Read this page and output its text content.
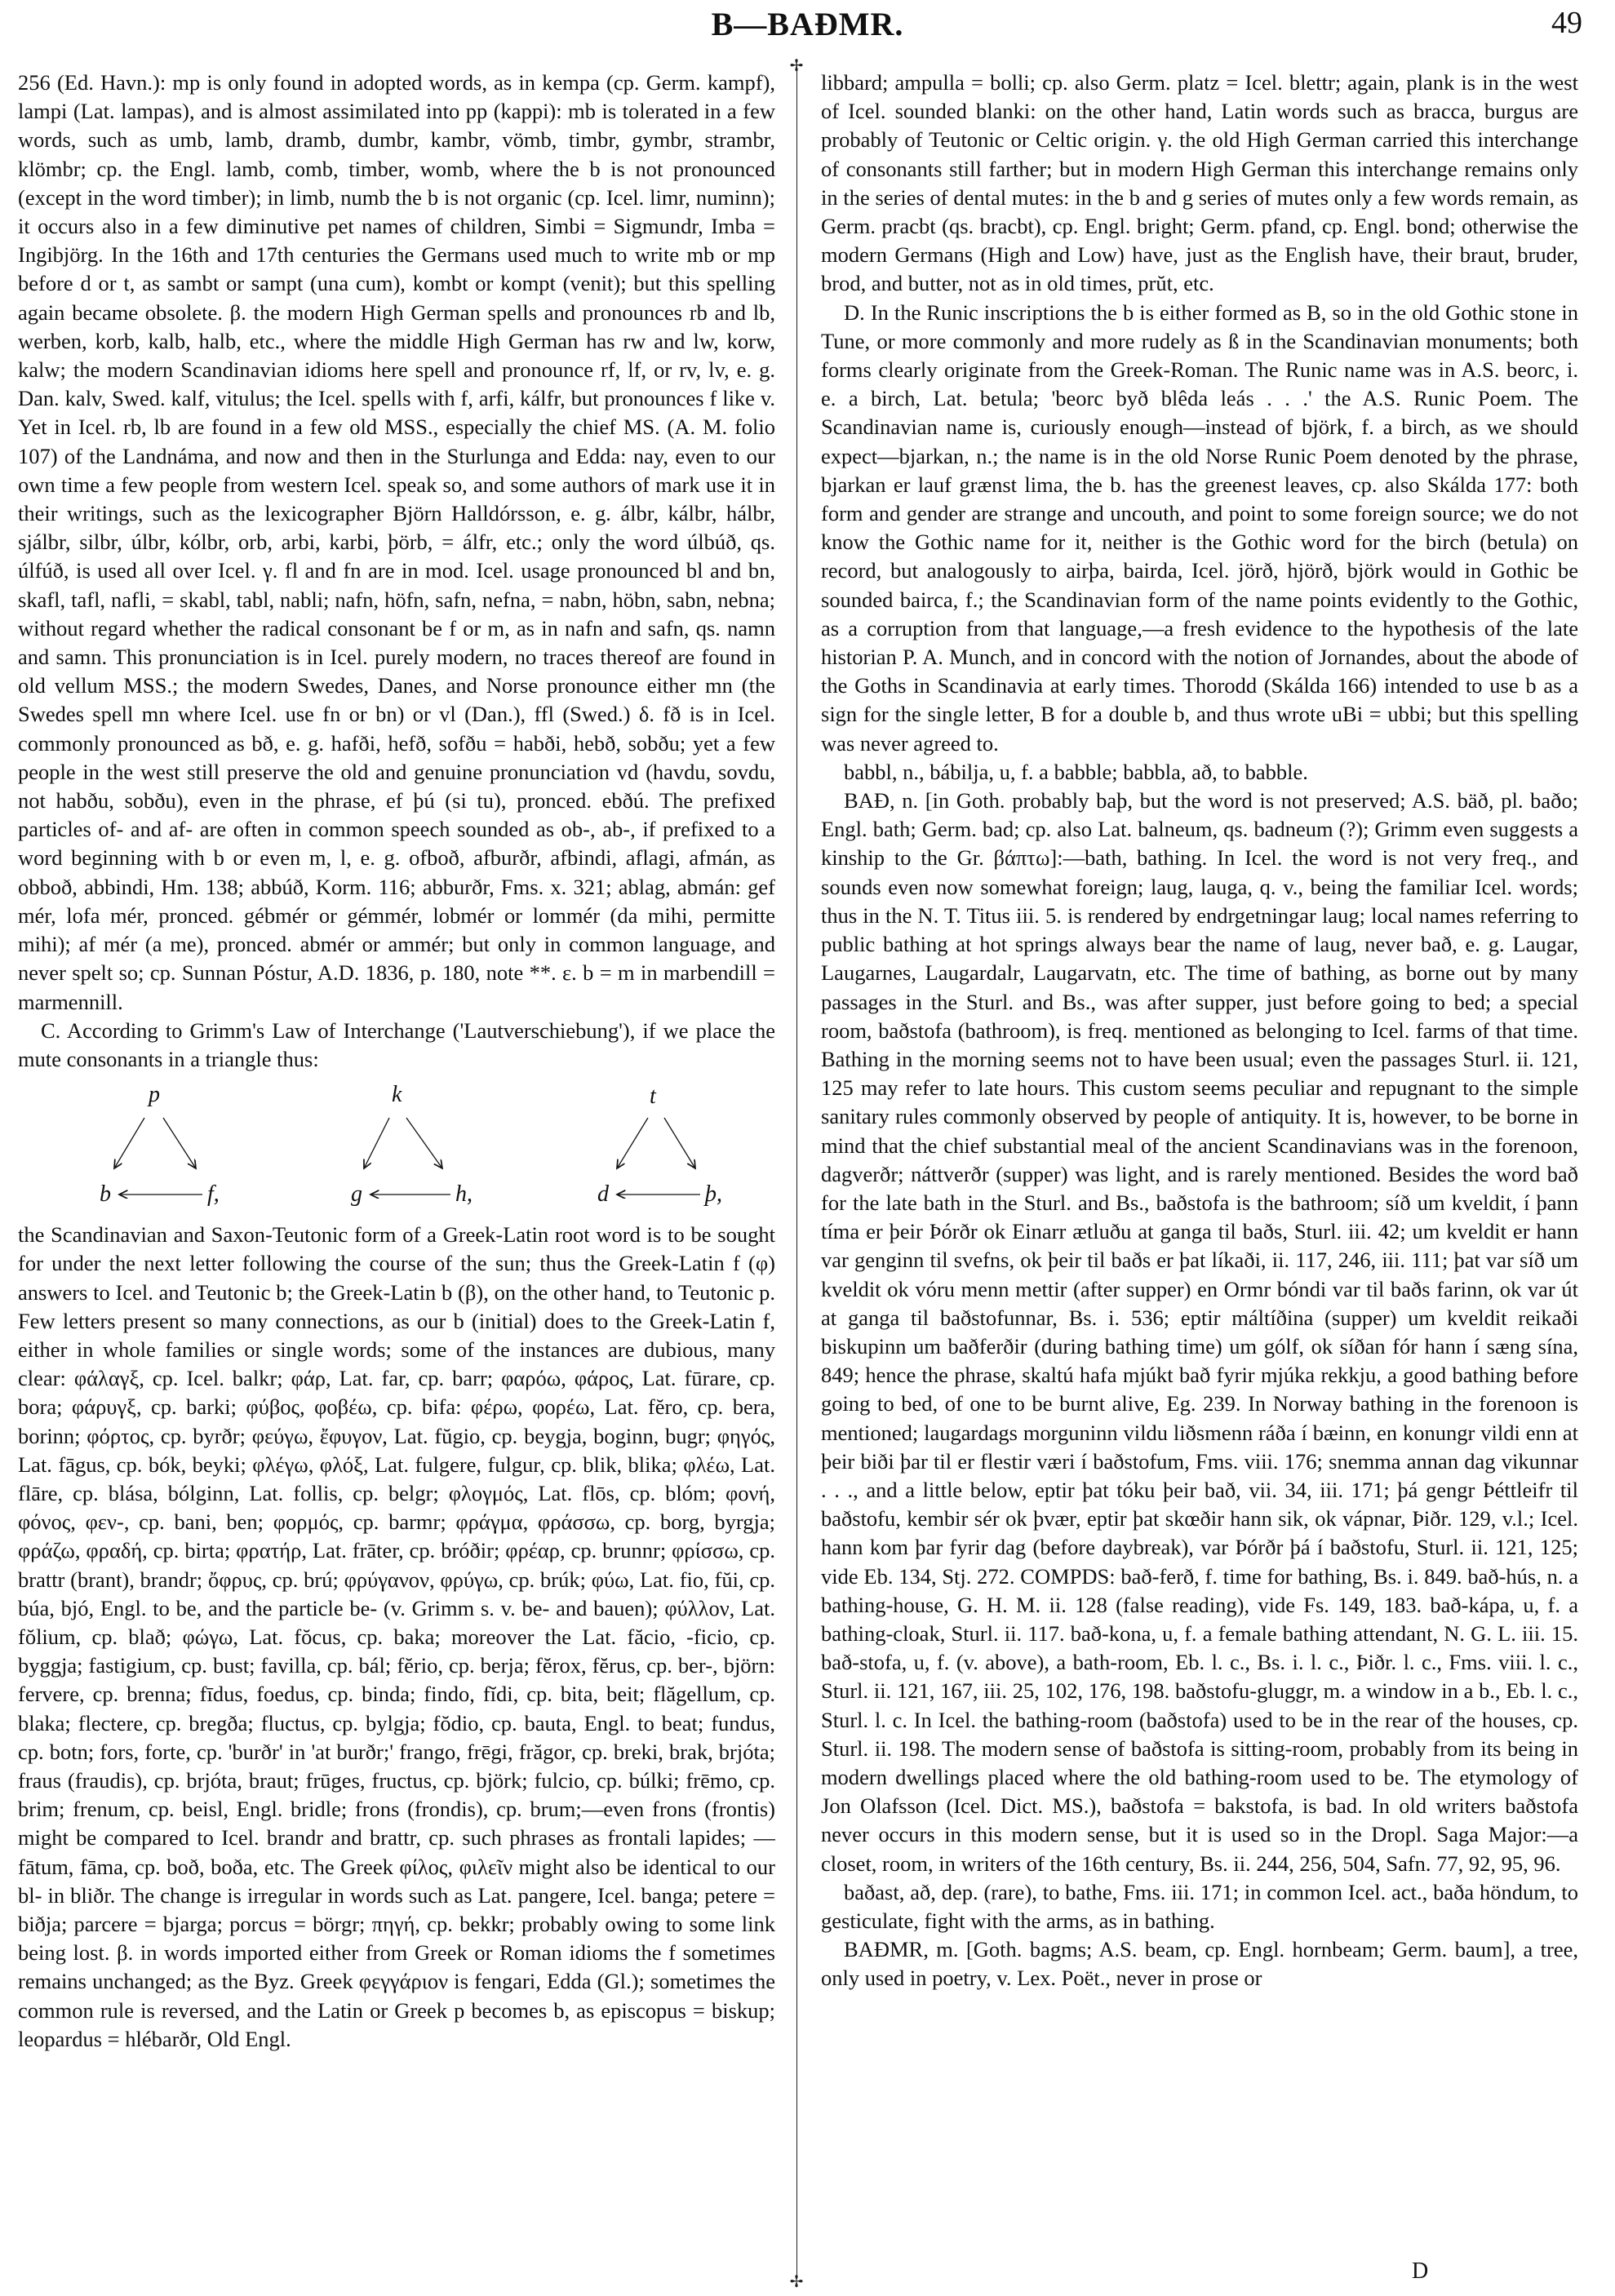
B—BAÐMR.	49
✢
✢

256 (Ed. Havn.): mp is only found in adopted words, as in kempa (cp. Germ. kampf), lampi (Lat. lampas), and is almost assimilated into pp (kappi): mb is tolerated in a few words, such as umb, lamb, dramb, dumbr, kambr, vömb, timbr, gymbr, strambr, klömbr; cp. the Engl. lamb, comb, timber, womb, where the b is not pronounced (except in the word timber); in limb, numb the b is not organic (cp. Icel. limr, numinn); it occurs also in a few diminutive pet names of children, Simbi = Sigmundr, Imba = Ingibjörg. In the 16th and 17th centuries the Germans used much to write mb or mp before d or t, as sambt or sampt (una cum), kombt or kompt (venit); but this spelling again became obsolete. β. the modern High German spells and pronounces rb and lb, werben, korb, kalb, halb, etc., where the middle High German has rw and lw, korw, kalw; the modern Scandinavian idioms here spell and pronounce rf, lf, or rv, lv, e. g. Dan. kalv, Swed. kalf, vitulus; the Icel. spells with f, arfi, kálfr, but pronounces f like v. Yet in Icel. rb, lb are found in a few old MSS., especially the chief MS. (A. M. folio 107) of the Landnáma, and now and then in the Sturlunga and Edda: nay, even to our own time a few people from western Icel. speak so, and some authors of mark use it in their writings, such as the lexicographer Björn Halldórsson, e. g. álbr, kálbr, hálbr, sjálbr, silbr, úlbr, kólbr, orb, arbi, karbi, þörb, = álfr, etc.; only the word úlbúð, qs. úlfúð, is used all over Icel. γ. fl and fn are in mod. Icel. usage pronounced bl and bn, skafl, tafl, nafli, = skabl, tabl, nabli; nafn, höfn, safn, nefna, = nabn, höbn, sabn, nebna; without regard whether the radical consonant be f or m, as in nafn and safn, qs. namn and samn. This pronunciation is in Icel. purely modern, no traces thereof are found in old vellum MSS.; the modern Swedes, Danes, and Norse pronounce either mn (the Swedes spell mn where Icel. use fn or bn) or vl (Dan.), ffl (Swed.) δ. fð is in Icel. commonly pronounced as bð, e. g. hafði, hefð, sofðu = habði, hebð, sobðu; yet a few people in the west still preserve the old and genuine pronunciation vd (havdu, sovdu, not habðu, sobðu), even in the phrase, ef þú (si tu), pronced. ebðú. The prefixed particles of- and af- are often in common speech sounded as ob-, ab-, if prefixed to a word beginning with b or even m, l, e. g. ofboð, afburðr, afbindi, aflagi, afmán, as obboð, abbindi, Hm. 138; abbúð, Korm. 116; abburðr, Fms. x. 321; ablag, abmán: gef mér, lofa mér, pronced. gébmér or gémmér, lobmér or lommér (da mihi, permitte mihi); af mér (a me), pronced. abmér or ammér; but only in common language, and never spelt so; cp. Sunnan Póstur, A.D. 1836, p. 180, note **. ε. b = m in marbendill = marmennill.

C. According to Grimm's Law of Interchange ('Lautverschiebung'), if we place the mute consonants in a triangle thus:

p
b	f,
k
g	h,
t
d	þ,

the Scandinavian and Saxon-Teutonic form of a Greek-Latin root word is to be sought for under the next letter following the course of the sun; thus the Greek-Latin f (φ) answers to Icel. and Teutonic b; the Greek-Latin b (β), on the other hand, to Teutonic p. Few letters present so many connections, as our b (initial) does to the Greek-Latin f, either in whole families or single words; some of the instances are dubious, many clear: φάλαγξ, cp. Icel. balkr; φάρ, Lat. far, cp. barr; φαρόω, φάρος, Lat. fūrare, cp. bora; φάρυγξ, cp. barki; φύβος, φοβέω, cp. bifa: φέρω, φορέω, Lat. fĕro, cp. bera, borinn; φόρτος, cp. byrðr; φεύγω, ἔφυγον, Lat. fŭgio, cp. beygja, boginn, bugr; φηγός, Lat. fāgus, cp. bók, beyki; φλέγω, φλόξ, Lat. fulgere, fulgur, cp. blik, blika; φλέω, Lat. flāre, cp. blása, bólginn, Lat. follis, cp. belgr; φλογμός, Lat. flōs, cp. blóm; φονή, φόνος, φεν-, cp. bani, ben; φορμός, cp. barmr; φράγμα, φράσσω, cp. borg, byrgja; φράζω, φραδή, cp. birta; φρατήρ, Lat. frāter, cp. bróðir; φρέαρ, cp. brunnr; φρίσσω, cp. brattr (brant), brandr; ὄφρυς, cp. brú; φρύγανον, φρύγω, cp. brúk; φύω, Lat. fio, fŭi, cp. búa, bjó, Engl. to be, and the particle be- (v. Grimm s. v. be- and bauen); φύλλον, Lat. fŏlium, cp. blað; φώγω, Lat. fŏcus, cp. baka; moreover the Lat. făcio, -ficio, cp. byggja; fastigium, cp. bust; favilla, cp. bál; fĕrio, cp. berja; fĕrox, fĕrus, cp. ber-, björn: fervere, cp. brenna; fīdus, foedus, cp. binda; findo, fĭdi, cp. bita, beit; flăgellum, cp. blaka; flectere, cp. bregða; fluctus, cp. bylgja; fŏdio, cp. bauta, Engl. to beat; fundus, cp. botn; fors, forte, cp. 'burðr' in 'at burðr;' frango, frēgi, frăgor, cp. breki, brak, brjóta; fraus (fraudis), cp. brjóta, braut; frūges, fructus, cp. björk; fulcio, cp. búlki; frēmo, cp. brim; frenum, cp. beisl, Engl. bridle; frons (frondis), cp. brum;—even frons (frontis) might be compared to Icel. brandr and brattr, cp. such phrases as frontali lapides; —fātum, fāma, cp. boð, boða, etc. The Greek φίλος, φιλεῖν might also be identical to our bl- in bliðr. The change is irregular in words such as Lat. pangere, Icel. banga; petere = biðja; parcere = bjarga; porcus = börgr; πηγή, cp. bekkr; probably owing to some link being lost. β. in words imported either from Greek or Roman idioms the f sometimes remains unchanged; as the Byz. Greek φεγγάριον is fengari, Edda (Gl.); sometimes the common rule is reversed, and the Latin or Greek p becomes b, as episcopus = biskup; leopardus = hlébarðr, Old Engl.

libbard; ampulla = bolli; cp. also Germ. platz = Icel. blettr; again, plank is in the west of Icel. sounded blanki: on the other hand, Latin words such as bracca, burgus are probably of Teutonic or Celtic origin. γ. the old High German carried this interchange of consonants still farther; but in modern High German this interchange remains only in the series of dental mutes: in the b and g series of mutes only a few words remain, as Germ. pracbt (qs. bracbt), cp. Engl. bright; Germ. pfand, cp. Engl. bond; otherwise the modern Germans (High and Low) have, just as the English have, their braut, bruder, brod, and butter, not as in old times, prŭt, etc.

D. In the Runic inscriptions the b is either formed as B, so in the old Gothic stone in Tune, or more commonly and more rudely as ß in the Scandinavian monuments; both forms clearly originate from the Greek-Roman. The Runic name was in A.S. beorc, i. e. a birch, Lat. betula; 'beorc byð blêda leás . . .' the A.S. Runic Poem. The Scandinavian name is, curiously enough—instead of björk, f. a birch, as we should expect—bjarkan, n.; the name is in the old Norse Runic Poem denoted by the phrase, bjarkan er lauf grænst lima, the b. has the greenest leaves, cp. also Skálda 177: both form and gender are strange and uncouth, and point to some foreign source; we do not know the Gothic name for it, neither is the Gothic word for the birch (betula) on record, but analogously to airþa, bairda, Icel. jörð, hjörð, björk would in Gothic be sounded bairca, f.; the Scandinavian form of the name points evidently to the Gothic, as a corruption from that language,—a fresh evidence to the hypothesis of the late historian P. A. Munch, and in concord with the notion of Jornandes, about the abode of the Goths in Scandinavia at early times. Thorodd (Skálda 166) intended to use b as a sign for the single letter, B for a double b, and thus wrote uBi = ubbi; but this spelling was never agreed to.

babbl, n., bábilja, u, f. a babble; babbla, að, to babble.

BAÐ, n. [in Goth. probably baþ, but the word is not preserved; A.S. bäð, pl. baðo; Engl. bath; Germ. bad; cp. also Lat. balneum, qs. badneum (?); Grimm even suggests a kinship to the Gr. βάπτω]:—bath, bathing. In Icel. the word is not very freq., and sounds even now somewhat foreign; laug, lauga, q. v., being the familiar Icel. words; thus in the N. T. Titus iii. 5. is rendered by endrgetningar laug; local names referring to public bathing at hot springs always bear the name of laug, never bað, e. g. Laugar, Laugarnes, Laugardalr, Laugarvatn, etc. The time of bathing, as borne out by many passages in the Sturl. and Bs., was after supper, just before going to bed; a special room, baðstofa (bathroom), is freq. mentioned as belonging to Icel. farms of that time. Bathing in the morning seems not to have been usual; even the passages Sturl. ii. 121, 125 may refer to late hours. This custom seems peculiar and repugnant to the simple sanitary rules commonly observed by people of antiquity. It is, however, to be borne in mind that the chief substantial meal of the ancient Scandinavians was in the forenoon, dagverðr; náttverðr (supper) was light, and is rarely mentioned. Besides the word bað for the late bath in the Sturl. and Bs., baðstofa is the bathroom; síð um kveldit, í þann tíma er þeir Þórðr ok Einarr ætluðu at ganga til baðs, Sturl. iii. 42; um kveldit er hann var genginn til svefns, ok þeir til baðs er þat líkaði, ii. 117, 246, iii. 111; þat var síð um kveldit ok vóru menn mettir (after supper) en Ormr bóndi var til baðs farinn, ok var út at ganga til baðstofunnar, Bs. i. 536; eptir máltíðina (supper) um kveldit reikaði biskupinn um baðferðir (during bathing time) um gólf, ok síðan fór hann í sæng sína, 849; hence the phrase, skaltú hafa mjúkt bað fyrir mjúka rekkju, a good bathing before going to bed, of one to be burnt alive, Eg. 239. In Norway bathing in the forenoon is mentioned; laugardags morguninn vildu liðsmenn ráða í bæinn, en konungr vildi enn at þeir biði þar til er flestir væri í baðstofum, Fms. viii. 176; snemma annan dag vikunnar . . ., and a little below, eptir þat tóku þeir bað, vii. 34, iii. 171; þá gengr Þéttleifr til baðstofu, kembir sér ok þvær, eptir þat skœðir hann sik, ok vápnar, Þiðr. 129, v.l.; Icel. hann kom þar fyrir dag (before daybreak), var Þórðr þá í baðstofu, Sturl. ii. 121, 125; vide Eb. 134, Stj. 272. COMPDS: bað-ferð, f. time for bathing, Bs. i. 849. bað-hús, n. a bathing-house, G. H. M. ii. 128 (false reading), vide Fs. 149, 183. bað-kápa, u, f. a bathing-cloak, Sturl. ii. 117. bað-kona, u, f. a female bathing attendant, N. G. L. iii. 15. bað-stofa, u, f. (v. above), a bath-room, Eb. l. c., Bs. i. l. c., Þiðr. l. c., Fms. viii. l. c., Sturl. ii. 121, 167, iii. 25, 102, 176, 198. baðstofu-gluggr, m. a window in a b., Eb. l. c., Sturl. l. c. In Icel. the bathing-room (baðstofa) used to be in the rear of the houses, cp. Sturl. ii. 198. The modern sense of baðstofa is sitting-room, probably from its being in modern dwellings placed where the old bathing-room used to be. The etymology of Jon Olafsson (Icel. Dict. MS.), baðstofa = bakstofa, is bad. In old writers baðstofa never occurs in this modern sense, but it is used so in the Dropl. Saga Major:—a closet, room, in writers of the 16th century, Bs. ii. 244, 256, 504, Safn. 77, 92, 95, 96.

baðast, að, dep. (rare), to bathe, Fms. iii. 171; in common Icel. act., baða höndum, to gesticulate, fight with the arms, as in bathing.

BAÐMR, m. [Goth. bagms; A.S. beam, cp. Engl. hornbeam; Germ. baum], a tree, only used in poetry, v. Lex. Poët., never in prose or

D
